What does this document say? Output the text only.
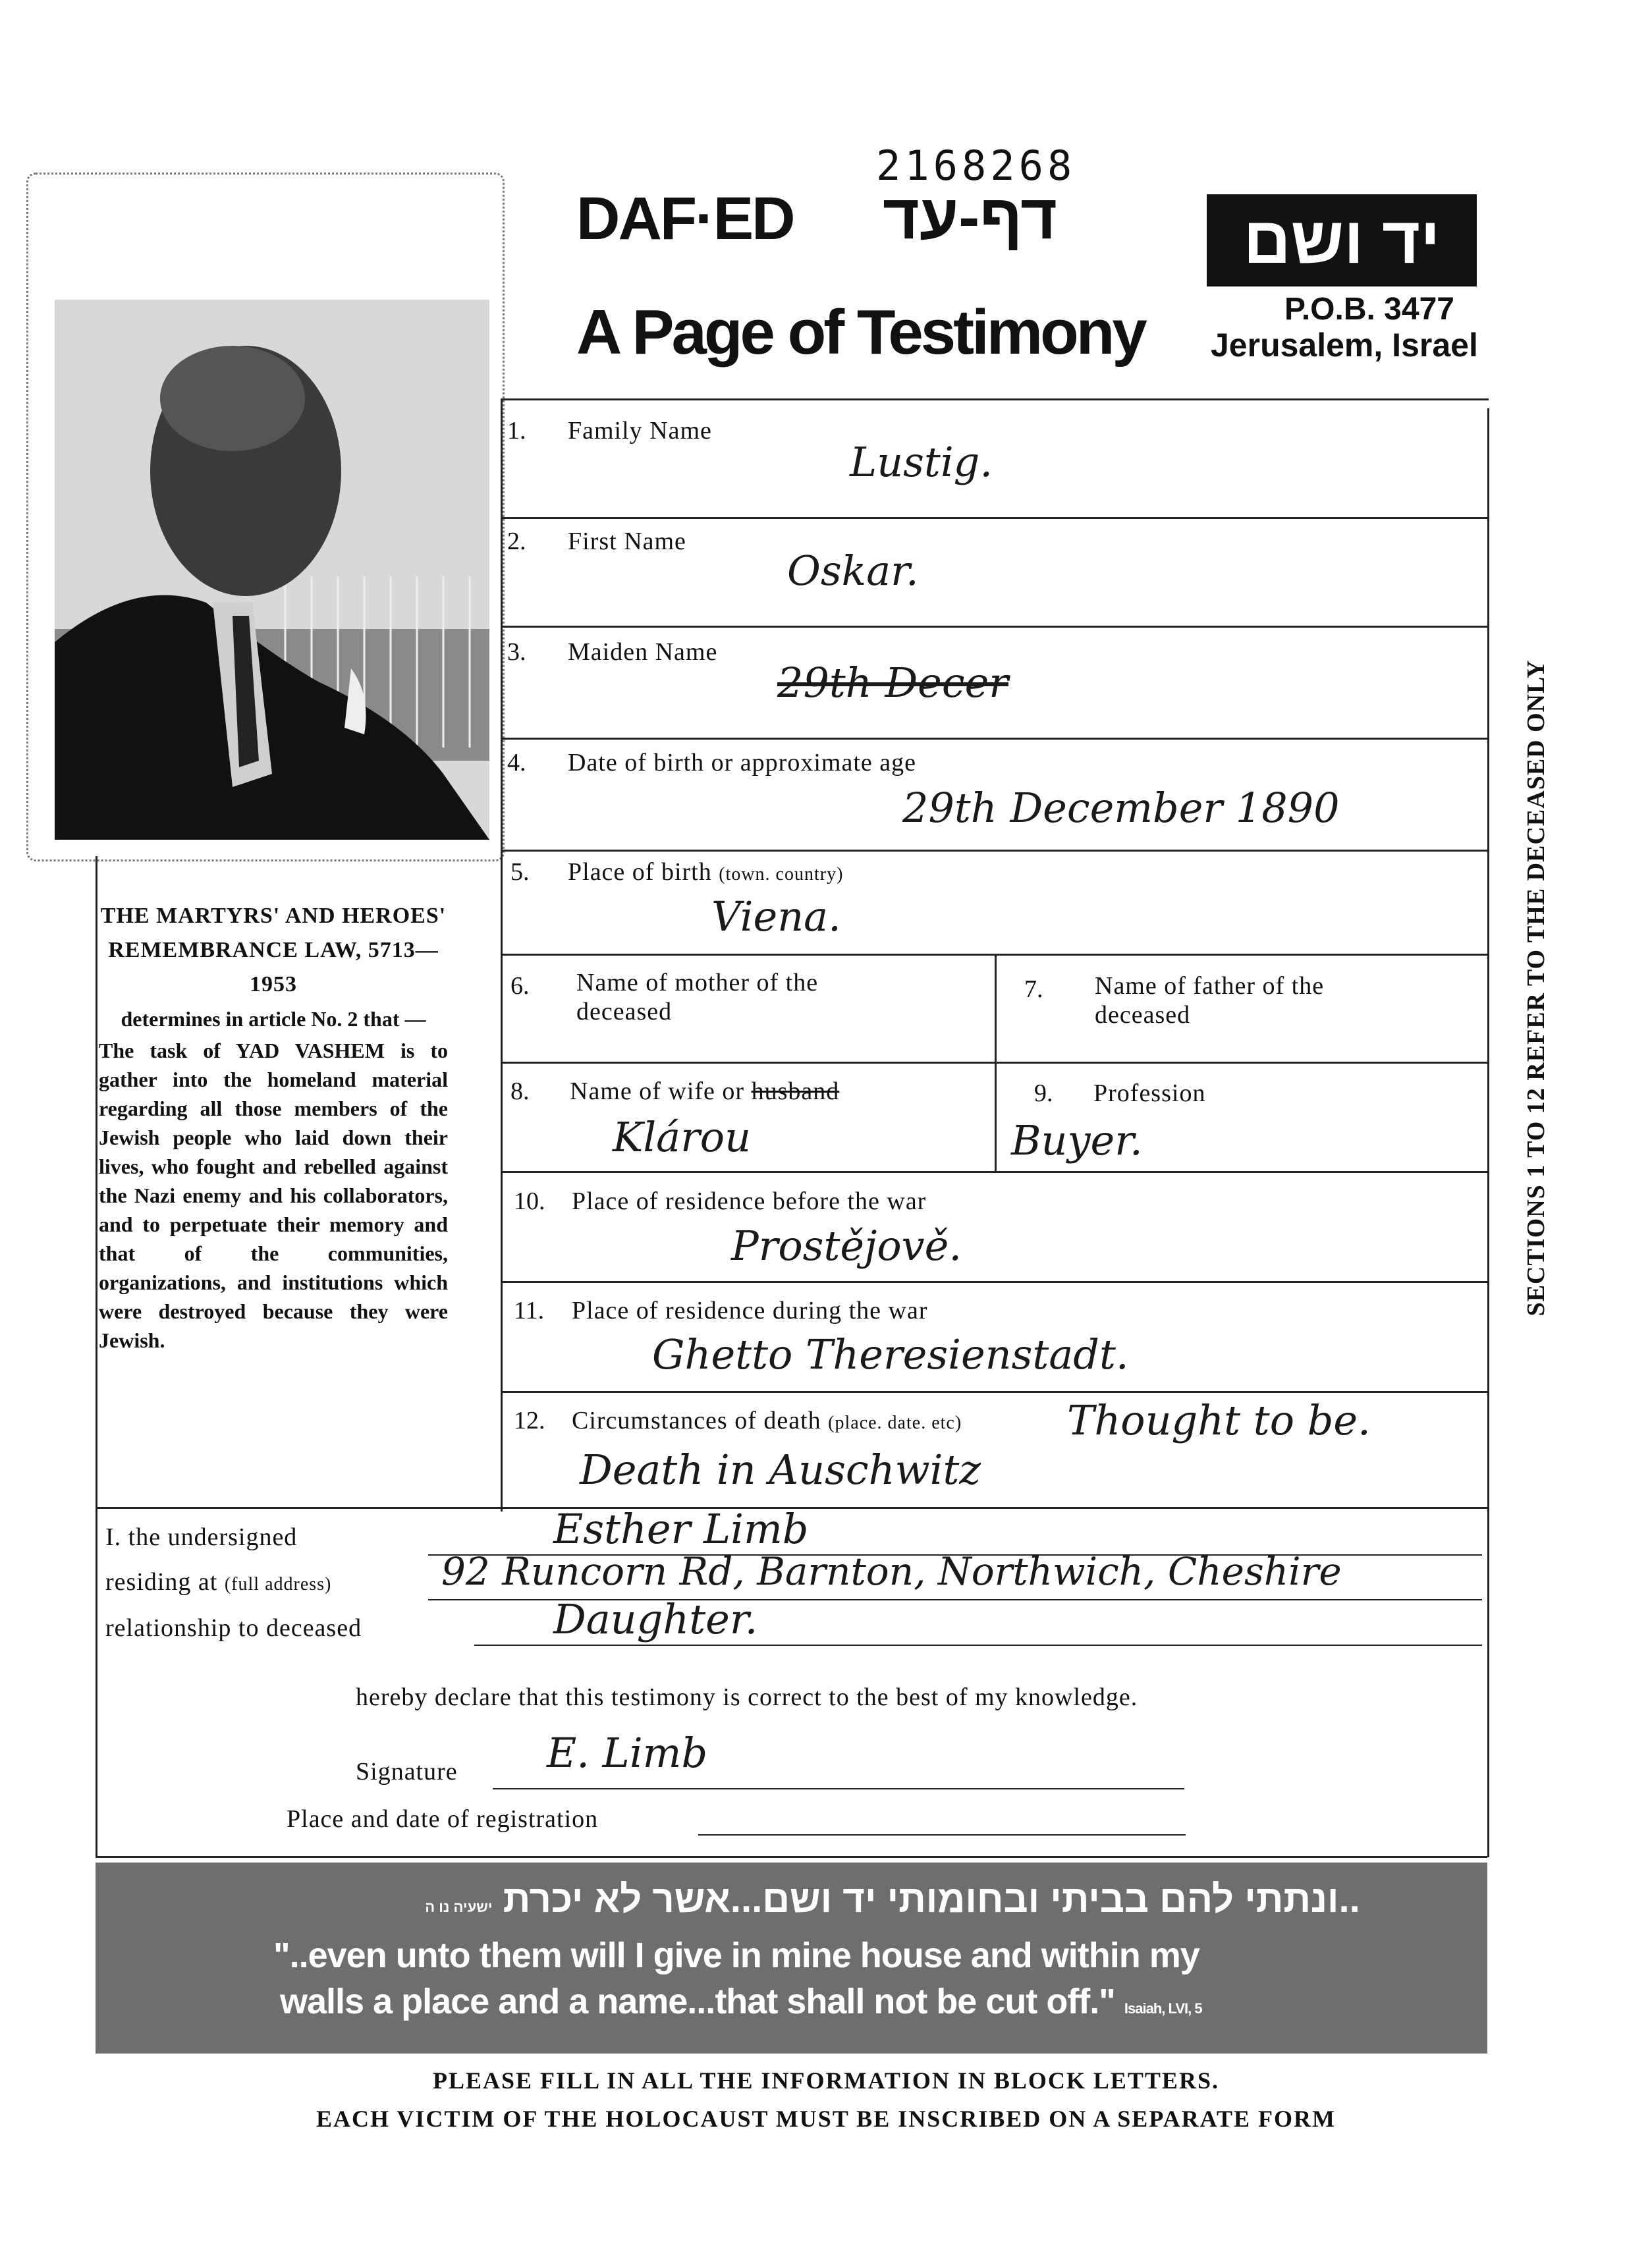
2168268
DAF·ED דף-עד
A Page of Testimony
יד ושם
P.O.B. 3477
Jerusalem, Israel

THE MARTYRS' AND HEROES' REMEMBRANCE LAW, 5713—1953

determines in article No. 2 that —

The task of YAD VASHEM is to gather into the homeland material regarding all those members of the Jewish people who laid down their lives, who fought and rebelled against the Nazi enemy and his collaborators, and to perpetuate their memory and that of the communities, organizations, and institutions which were destroyed because they were Jewish.

SECTIONS 1 TO 12 REFER TO THE DECEASED ONLY
1. Family Name
Lustig.
2. First Name
Oskar.
3. Maiden Name
29th Decer
4. Date of birth or approximate age
29th December 1890
5. Place of birth (town. country)
Viena.
6. Name of mother of the deceased
7. Name of father of the deceased
8. Name of wife or husband
Klárou
9. Profession
Buyer.
10. Place of residence before the war
Prostějově.
11. Place of residence during the war
Ghetto Theresienstadt.
12. Circumstances of death (place. date. etc)	Thought to be.
Death in Auschwitz
I. the undersigned	Esther Limb
residing at (full address)	92 Runcorn Rd, Barnton, Northwich, Cheshire
relationship to deceased	Daughter.
hereby declare that this testimony is correct to the best of my knowledge.
Signature E. Limb
Place and date of registration
..ונתתי להם בביתי ובחומותי יד ושם...אשר לא יכרת ישעיה נו ה
"..even unto them will I give in mine house and within my
walls a place and a name...that shall not be cut off." Isaiah, LVI, 5
PLEASE FILL IN ALL THE INFORMATION IN BLOCK LETTERS.
EACH VICTIM OF THE HOLOCAUST MUST BE INSCRIBED ON A SEPARATE FORM
